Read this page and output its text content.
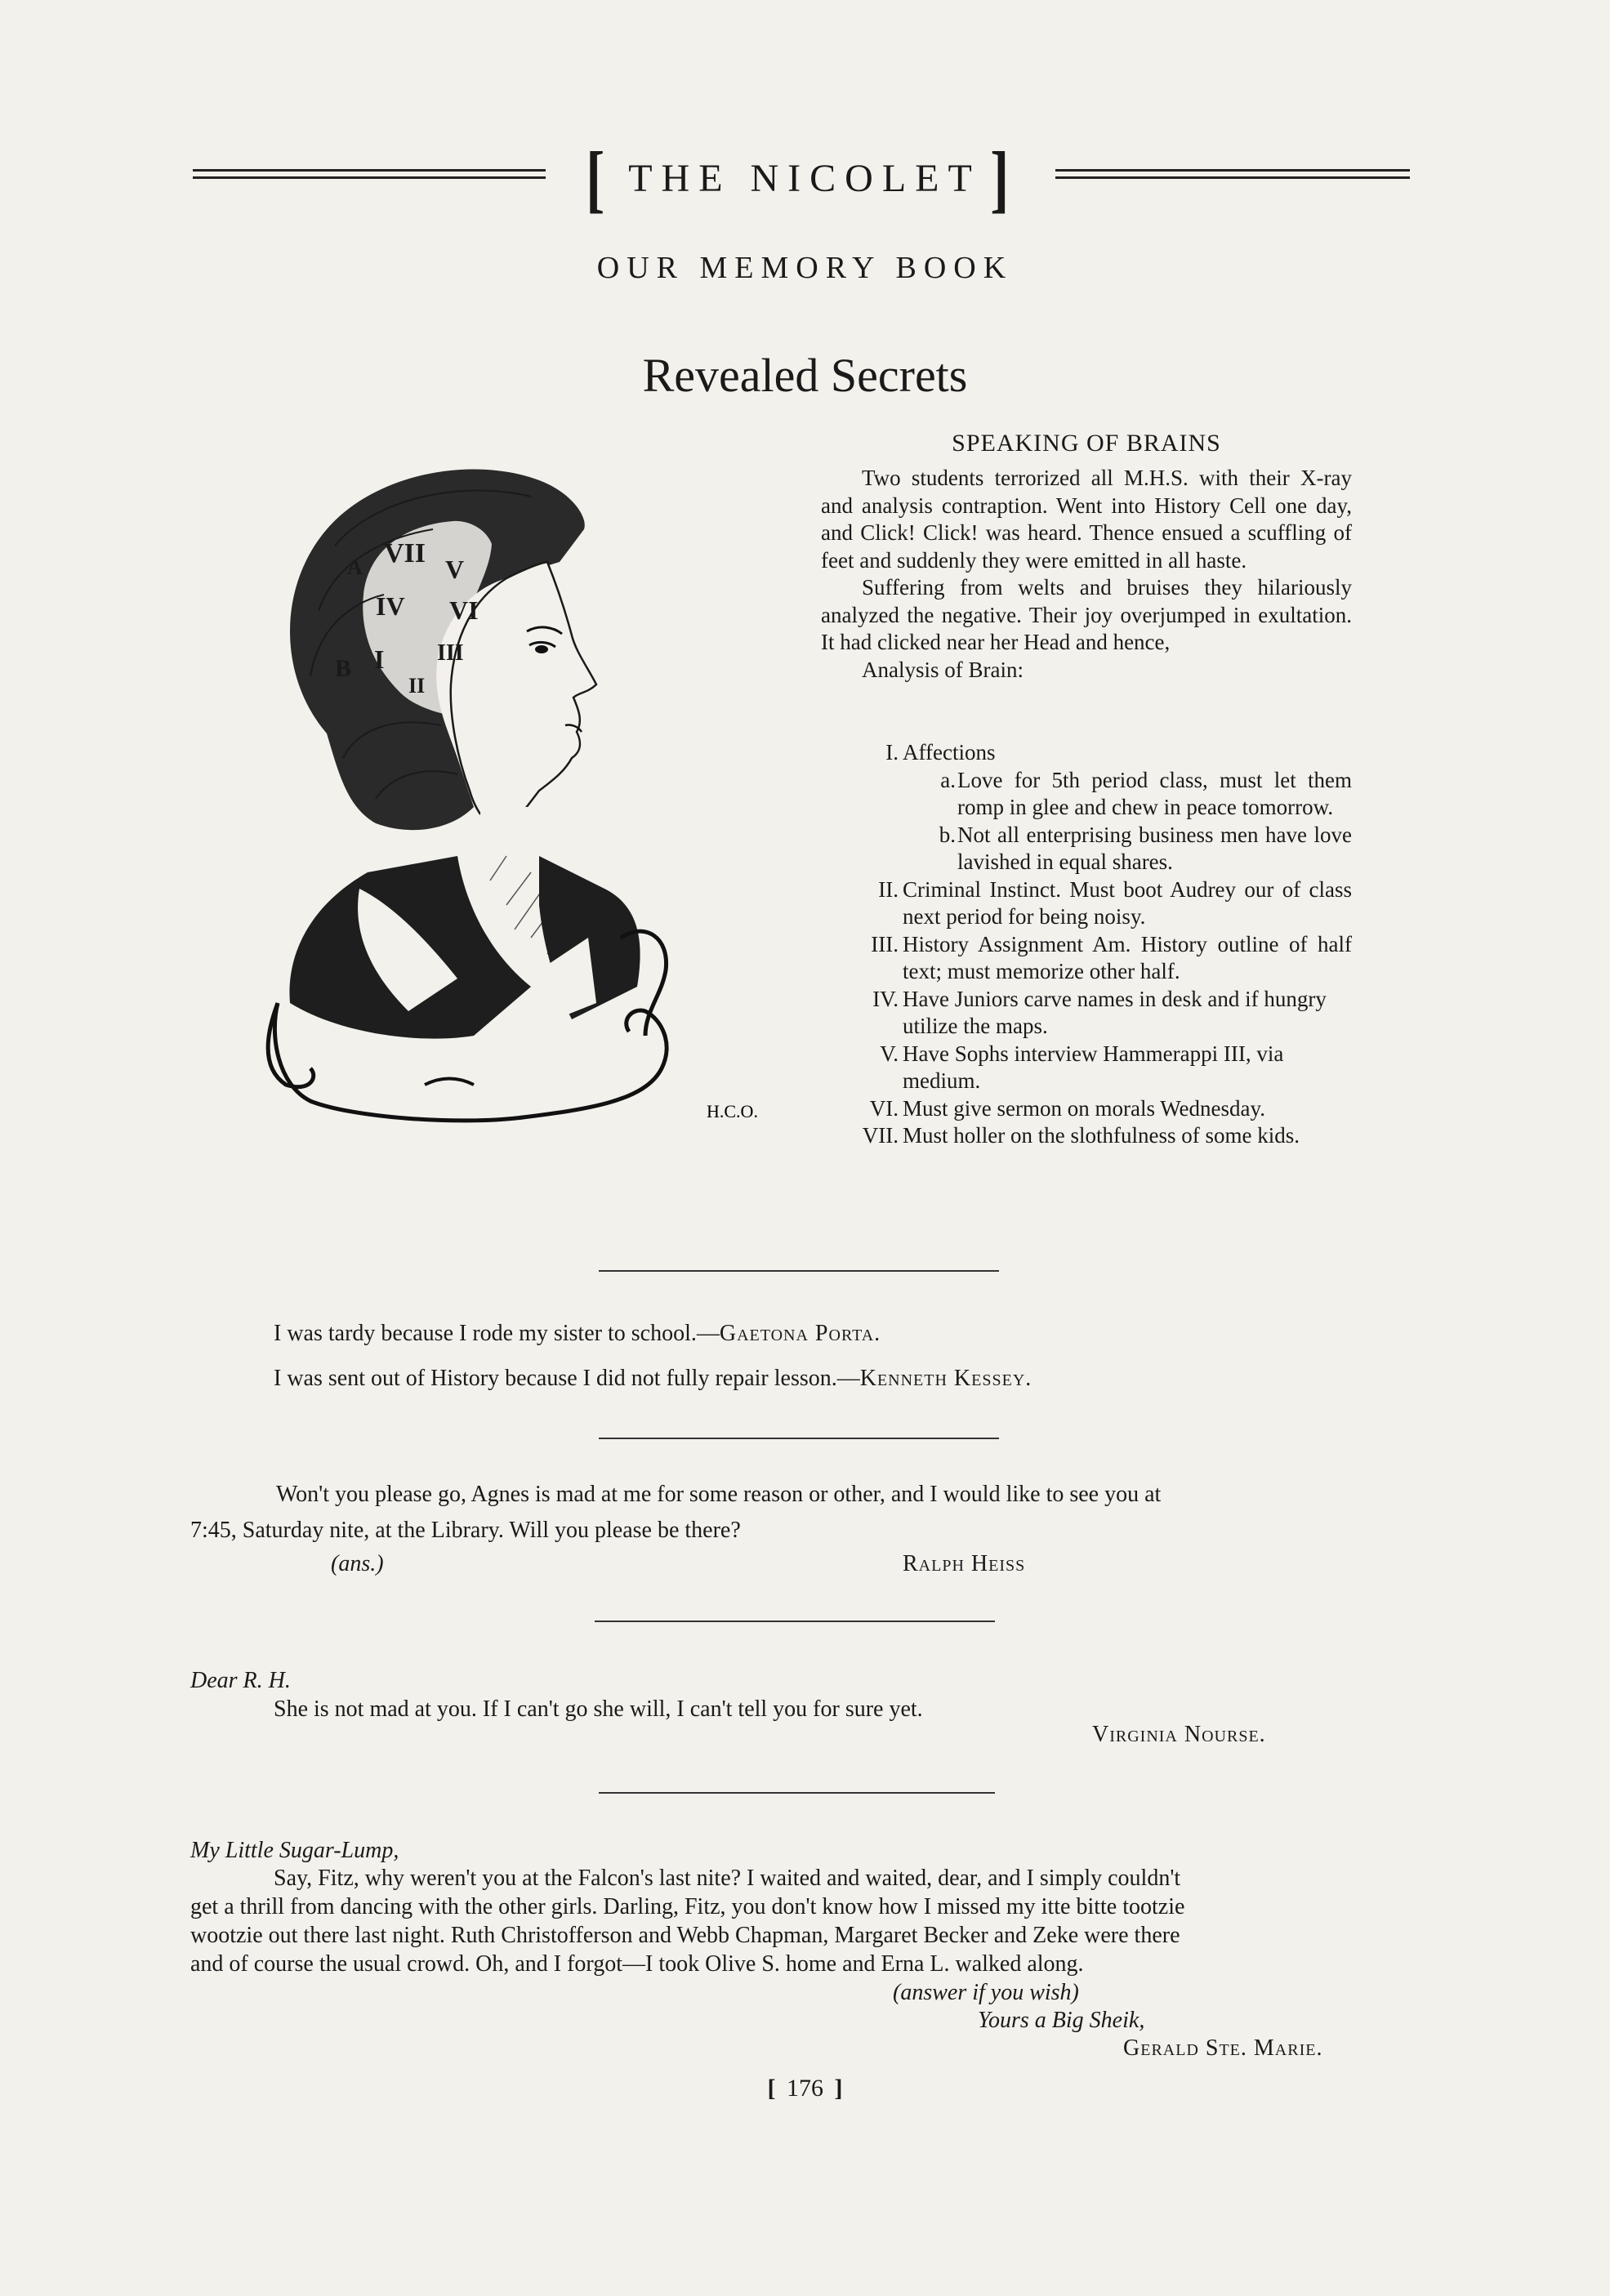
[ THE NICOLET ]
OUR MEMORY BOOK
Revealed Secrets
VII
A	V
IV VI
III
B I
II
H.C.O.
SPEAKING OF BRAINS

Two students terrorized all M.H.S. with their X-ray and analysis contraption. Went into History Cell one day, and Click! Click! was heard. Thence ensued a scuffling of feet and suddenly they were emitted in all haste.

Suffering from welts and bruises they hilariously analyzed the negative. Their joy overjumped in exultation. It had clicked near her Head and hence,

Analysis of Brain:
I. Affections
a. Love for 5th period class, must let them romp in glee and chew in peace tomorrow.
b. Not all enterprising business men have love lavished in equal shares.
II. Criminal Instinct. Must boot Audrey our of class next period for being noisy.
III. History Assignment Am. History outline of half text; must memorize other half.
IV. Have Juniors carve names in desk and if hungry utilize the maps.
V. Have Sophs interview Hammerappi III, via medium.
VI. Must give sermon on morals Wednesday.
VII. Must holler on the slothfulness of some kids.
I was tardy because I rode my sister to school.—Gaetona Porta.
I was sent out of History because I did not fully repair lesson.—Kenneth Kessey.
Won't you please go, Agnes is mad at me for some reason or other, and I would like to see you at
7:45, Saturday nite, at the Library. Will you please be there?
(ans.)	Ralph Heiss
Dear R. H.
She is not mad at you. If I can't go she will, I can't tell you for sure yet.
Virginia Nourse.
My Little Sugar-Lump,
Say, Fitz, why weren't you at the Falcon's last nite? I waited and waited, dear, and I simply couldn't
get a thrill from dancing with the other girls. Darling, Fitz, you don't know how I missed my itte bitte tootzie
wootzie out there last night. Ruth Christofferson and Webb Chapman, Margaret Becker and Zeke were there
and of course the usual crowd. Oh, and I forgot—I took Olive S. home and Erna L. walked along.
(answer if you wish)
Yours a Big Sheik,
Gerald Ste. Marie.
[ 176 ]
